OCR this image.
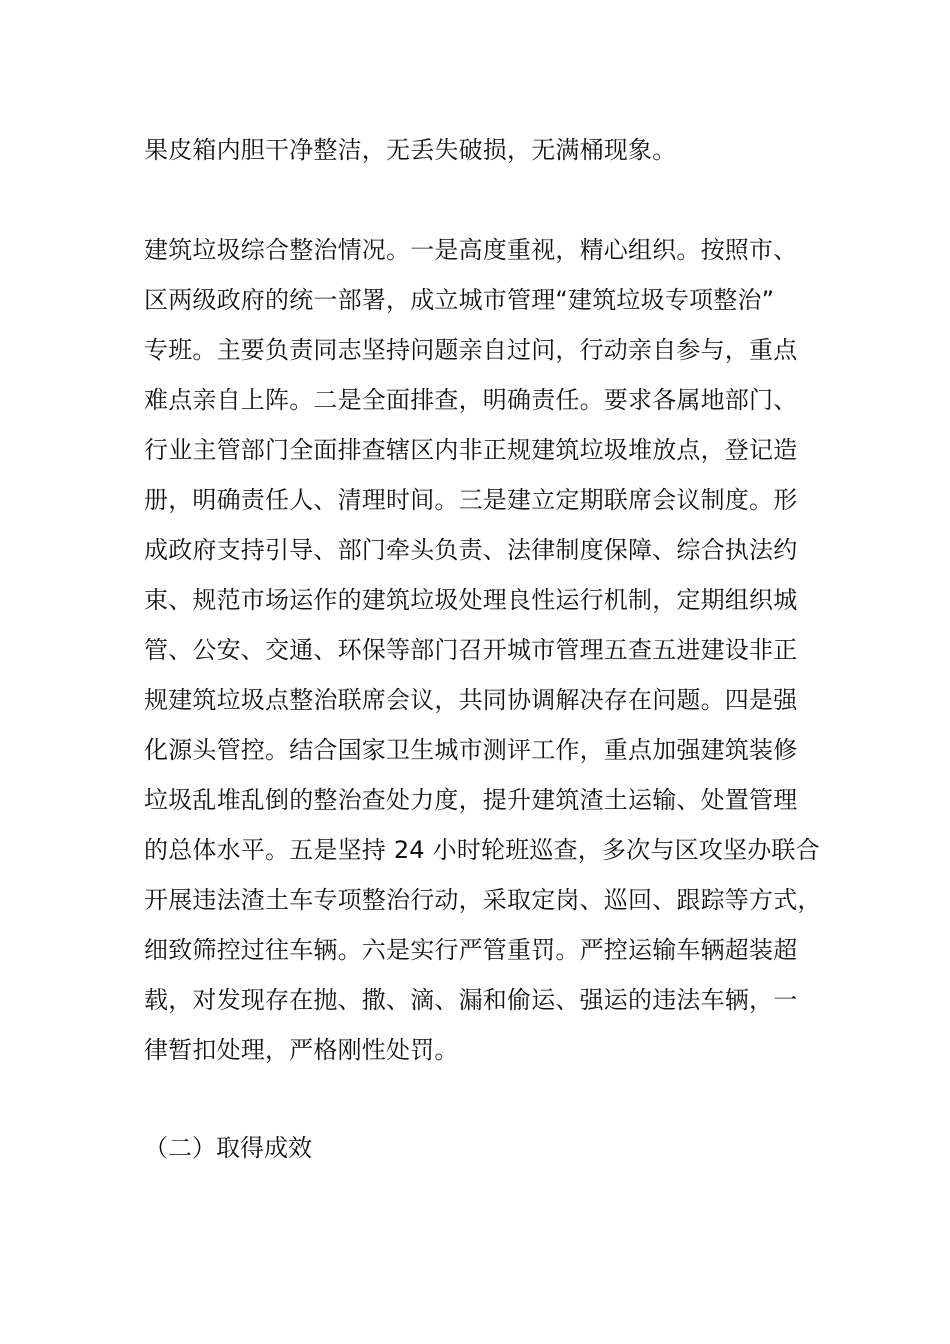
果皮箱内胆干净整洁，无丢失破损，无满桶现象。
建筑垃圾综合整治情况。一是高度重视，精心组织。按照市、
区两级政府的统一部署，成立城市管理“建筑垃圾专项整治”
专班。主要负责同志坚持问题亲自过问，行动亲自参与，重点
难点亲自上阵。二是全面排查，明确责任。要求各属地部门、
行业主管部门全面排查辖区内非正规建筑垃圾堆放点，登记造
册，明确责任人、清理时间。三是建立定期联席会议制度。形
成政府支持引导、部门牵头负责、法律制度保障、综合执法约
束、规范市场运作的建筑垃圾处理良性运行机制，定期组织城
管、公安、交通、环保等部门召开城市管理五查五进建设非正
规建筑垃圾点整治联席会议，共同协调解决存在问题。四是强
化源头管控。结合国家卫生城市测评工作，重点加强建筑装修
垃圾乱堆乱倒的整治查处力度，提升建筑渣土运输、处置管理
的总体水平。五是坚持 24 小时轮班巡查，多次与区攻坚办联合
开展违法渣土车专项整治行动，采取定岗、巡回、跟踪等方式，
细致筛控过往车辆。六是实行严管重罚。严控运输车辆超装超
载，对发现存在抛、撒、滴、漏和偷运、强运的违法车辆，一
律暂扣处理，严格刚性处罚。
（二）取得成效
